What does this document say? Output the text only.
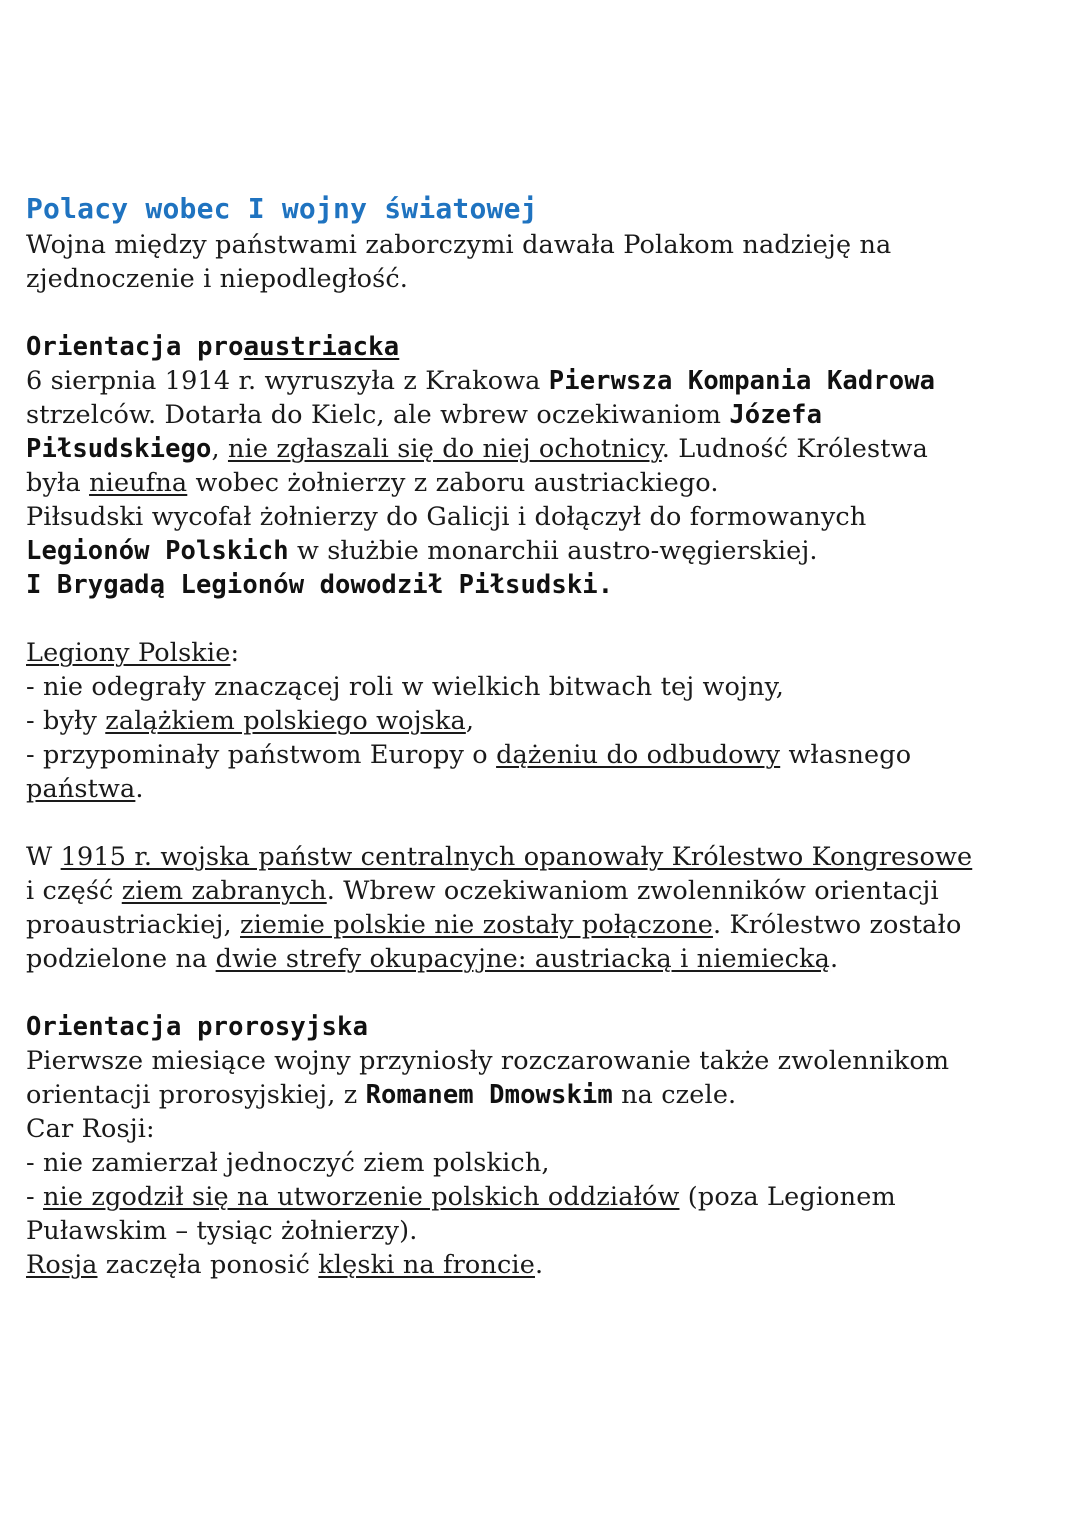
Polacy wobec I wojny światowej

Wojna między państwami zaborczymi dawała Polakom nadzieję na
zjednoczenie i niepodległość.

Orientacja proaustriacka

6 sierpnia 1914 r. wyruszyła z Krakowa Pierwsza Kompania Kadrowa
strzelców. Dotarła do Kielc, ale wbrew oczekiwaniom Józefa
Piłsudskiego, nie zgłaszali się do niej ochotnicy. Ludność Królestwa
była nieufna wobec żołnierzy z zaboru austriackiego.
Piłsudski wycofał żołnierzy do Galicji i dołączył do formowanych
Legionów Polskich w służbie monarchii austro-węgierskiej.
I Brygadą Legionów dowodził Piłsudski.

Legiony Polskie:
- nie odegrały znaczącej roli w wielkich bitwach tej wojny,
- były zalążkiem polskiego wojska,
- przypominały państwom Europy o dążeniu do odbudowy własnego
państwa.

W 1915 r. wojska państw centralnych opanowały Królestwo Kongresowe
i część ziem zabranych. Wbrew oczekiwaniom zwolenników orientacji
proaustriackiej, ziemie polskie nie zostały połączone. Królestwo zostało
podzielone na dwie strefy okupacyjne: austriacką i niemiecką.

Orientacja prorosyjska

Pierwsze miesiące wojny przyniosły rozczarowanie także zwolennikom
orientacji prorosyjskiej, z Romanem Dmowskim na czele.
Car Rosji:
- nie zamierzał jednoczyć ziem polskich,
- nie zgodził się na utworzenie polskich oddziałów (poza Legionem
Puławskim – tysiąc żołnierzy).
Rosja zaczęła ponosić klęski na froncie.
